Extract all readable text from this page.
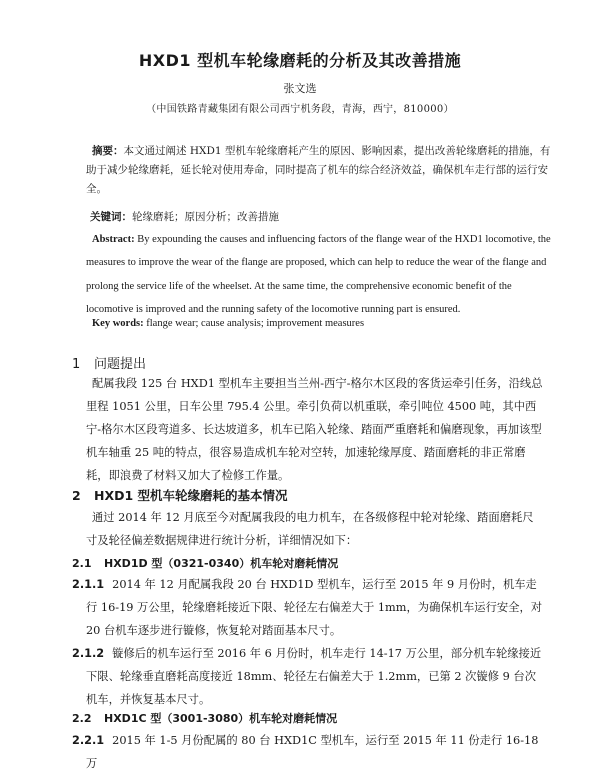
HXD1 型机车轮缘磨耗的分析及其改善措施
张文选
（中国铁路青藏集团有限公司西宁机务段，青海，西宁，810000）
摘要：本文通过阐述 HXD1 型机车轮缘磨耗产生的原因、影响因素，提出改善轮缘磨耗的措施，有助于减少轮缘磨耗，延长轮对使用寿命，同时提高了机车的综合经济效益，确保机车走行部的运行安全。
关键词：轮缘磨耗；原因分析；改善措施
Abstract: By expounding the causes and influencing factors of the flange wear of the HXD1 locomotive, the measures to improve the wear of the flange are proposed, which can help to reduce the wear of the flange and prolong the service life of the wheelset. At the same time, the comprehensive economic benefit of the locomotive is improved and the running safety of the locomotive running part is ensured.
Key words: flange wear; cause analysis; improvement measures
1 问题提出
配属我段 125 台 HXD1 型机车主要担当兰州-西宁-格尔木区段的客货运牵引任务，沿线总里程 1051 公里，日车公里 795.4 公里。牵引负荷以机重联，牵引吨位 4500 吨，其中西宁-格尔木区段弯道多、长达坡道多，机车已陷入轮缘、踏面严重磨耗和偏磨现象，再加该型机车轴重 25 吨的特点，很容易造成机车轮对空转，加速轮缘厚度、踏面磨耗的非正常磨耗，即浪费了材料又加大了检修工作量。
2 HXD1 型机车轮缘磨耗的基本情况
通过 2014 年 12 月底至今对配属我段的电力机车，在各级修程中轮对轮缘、踏面磨耗尺寸及轮径偏差数据规律进行统计分析，详细情况如下：
2.1 HXD1D 型（0321-0340）机车轮对磨耗情况
2.1.1 2014 年 12 月配属我段 20 台 HXD1D 型机车，运行至 2015 年 9 月份时，机车走行 16-19 万公里，轮缘磨耗接近下限、轮径左右偏差大于 1mm，为确保机车运行安全，对 20 台机车逐步进行镟修，恢复轮对踏面基本尺寸。
2.1.2 镟修后的机车运行至 2016 年 6 月份时，机车走行 14-17 万公里，部分机车轮缘接近下限、轮缘垂直磨耗高度接近 18mm、轮径左右偏差大于 1.2mm，已第 2 次镟修 9 台次机车，并恢复基本尺寸。
2.2 HXD1C 型（3001-3080）机车轮对磨耗情况
2.2.1 2015 年 1-5 月份配属的 80 台 HXD1C 型机车，运行至 2015 年 11 份走行 16-18 万
